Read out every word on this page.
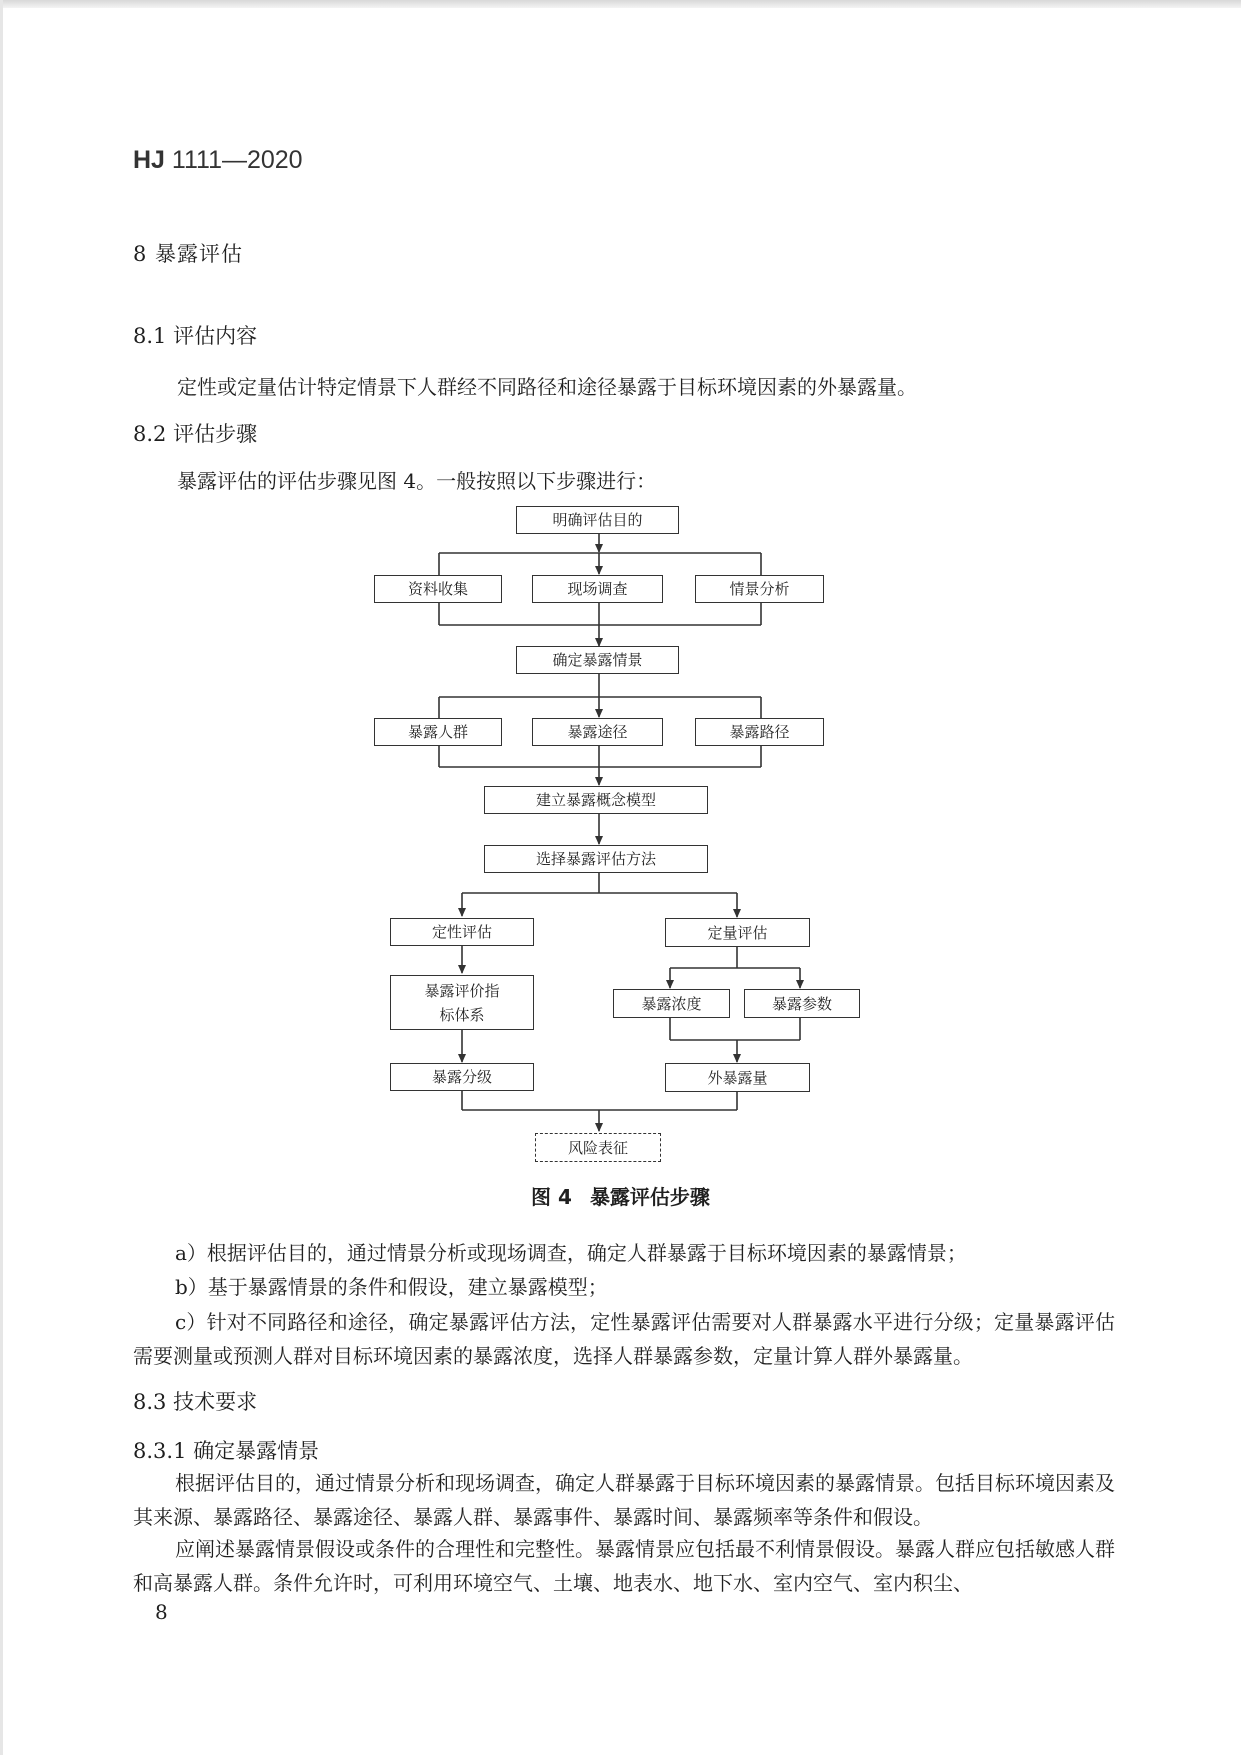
HJ 1111—2020
8 暴露评估
8.1 评估内容
定性或定量估计特定情景下人群经不同路径和途径暴露于目标环境因素的外暴露量。
8.2 评估步骤
暴露评估的评估步骤见图 4。一般按照以下步骤进行：
明确评估目的
资料收集	现场调查	情景分析
确定暴露情景
暴露人群	暴露途径	暴露路径
建立暴露概念模型
选择暴露评估方法
定性评估	定量评估
暴露评价指标体系
暴露浓度	暴露参数
暴露分级	外暴露量
风险表征
图 4 暴露评估步骤
a）根据评估目的，通过情景分析或现场调查，确定人群暴露于目标环境因素的暴露情景；
b）基于暴露情景的条件和假设，建立暴露模型；
c）针对不同路径和途径，确定暴露评估方法，定性暴露评估需要对人群暴露水平进行分级；定量暴露评估需要测量或预测人群对目标环境因素的暴露浓度，选择人群暴露参数，定量计算人群外暴露量。
8.3 技术要求
8.3.1 确定暴露情景
根据评估目的，通过情景分析和现场调查，确定人群暴露于目标环境因素的暴露情景。包括目标环境因素及其来源、暴露路径、暴露途径、暴露人群、暴露事件、暴露时间、暴露频率等条件和假设。
应阐述暴露情景假设或条件的合理性和完整性。暴露情景应包括最不利情景假设。暴露人群应包括敏感人群和高暴露人群。条件允许时，可利用环境空气、土壤、地表水、地下水、室内空气、室内积尘、
8
